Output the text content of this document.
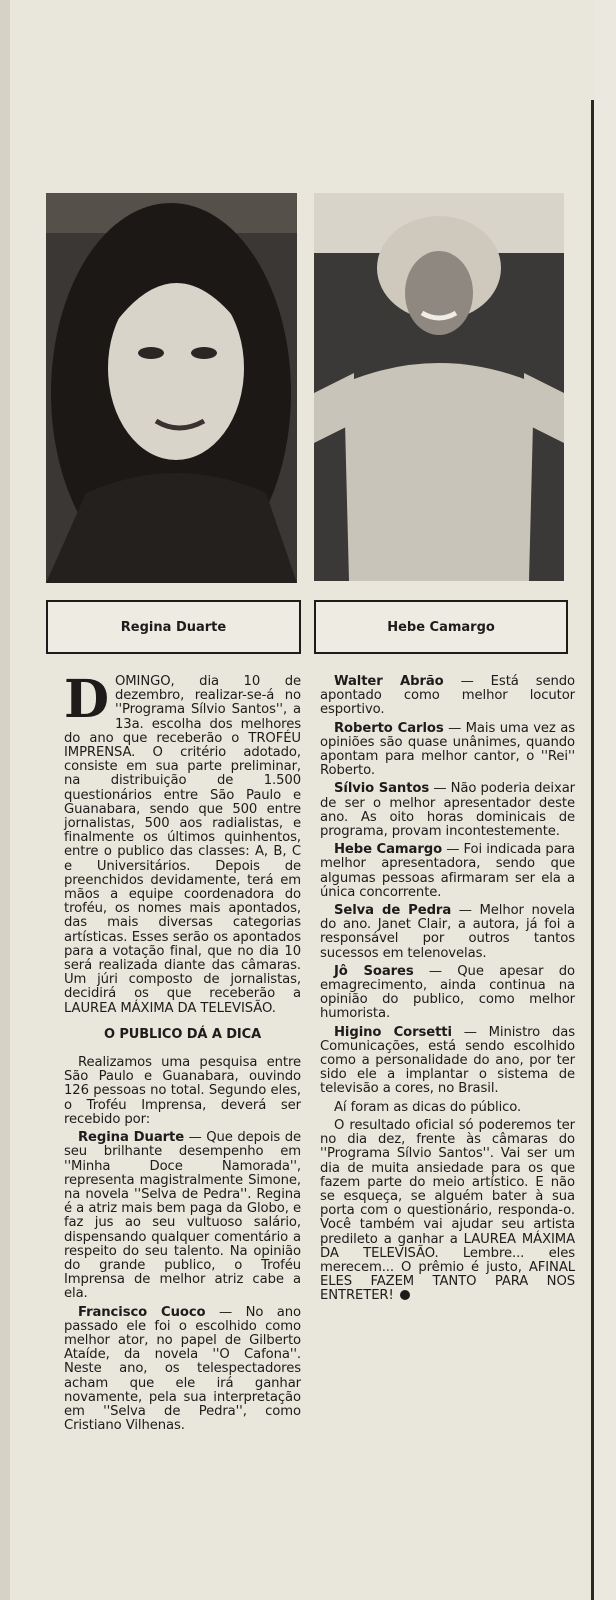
Regina Duarte	Hebe Camargo

DOMINGO, dia 10 de dezembro, realizar-se-á no ''Programa Sílvio Santos'', a 13a. escolha dos melhores do ano que receberão o TROFÉU IMPRENSA. O critério adotado, consiste em sua parte preliminar, na distribuição de 1.500 questionários entre São Paulo e Guanabara, sendo que 500 entre jornalistas, 500 aos radialistas, e finalmente os últimos quinhentos, entre o publico das classes: A, B, C e Universitários. Depois de preenchidos devidamente, terá em mãos a equipe coordenadora do troféu, os nomes mais apontados, das mais diversas categorias artísticas. Esses serão os apontados para a votação final, que no dia 10 será realizada diante das câmaras. Um júri composto de jornalistas, decidirá os que receberão a LAUREA MÁXIMA DA TELEVISÃO.

O PUBLICO DÁ A DICA

Realizamos uma pesquisa entre São Paulo e Guanabara, ouvindo 126 pessoas no total. Segundo eles, o Troféu Imprensa, deverá ser recebido por:

Regina Duarte — Que depois de seu brilhante desempenho em ''Minha Doce Namorada'', representa magistralmente Simone, na novela ''Selva de Pedra''. Regina é a atriz mais bem paga da Globo, e faz jus ao seu vultuoso salário, dispensando qualquer comentário a respeito do seu talento. Na opinião do grande publico, o Troféu Imprensa de melhor atriz cabe a ela.

Francisco Cuoco — No ano passado ele foi o escolhido como melhor ator, no papel de Gilberto Ataíde, da novela ''O Cafona''. Neste ano, os telespectadores acham que ele irá ganhar novamente, pela sua interpretação em ''Selva de Pedra'', como Cristiano Vilhenas.

Walter Abrão — Está sendo apontado como melhor locutor esportivo.

Roberto Carlos — Mais uma vez as opiniões são quase unânimes, quando apontam para melhor cantor, o ''Rei'' Roberto.

Sílvio Santos — Não poderia deixar de ser o melhor apresentador deste ano. As oito horas dominicais de programa, provam incontestemente.

Hebe Camargo — Foi indicada para melhor apresentadora, sendo que algumas pessoas afirmaram ser ela a única concorrente.

Selva de Pedra — Melhor novela do ano. Janet Clair, a autora, já foi a responsável por outros tantos sucessos em telenovelas.

Jô Soares — Que apesar do emagrecimento, ainda continua na opinião do publico, como melhor humorista.

Higino Corsetti — Ministro das Comunicações, está sendo escolhido como a personalidade do ano, por ter sido ele a implantar o sistema de televisão a cores, no Brasil.

Aí foram as dicas do público.

O resultado oficial só poderemos ter no dia dez, frente às câmaras do ''Programa Sílvio Santos''. Vai ser um dia de muita ansiedade para os que fazem parte do meio artístico. E não se esqueça, se alguém bater à sua porta com o questionário, responda-o. Você também vai ajudar seu artista predileto a ganhar a LAUREA MÁXIMA DA TELEVISÃO. Lembre... eles merecem... O prêmio é justo, AFINAL ELES FAZEM TANTO PARA NOS ENTRETER!
